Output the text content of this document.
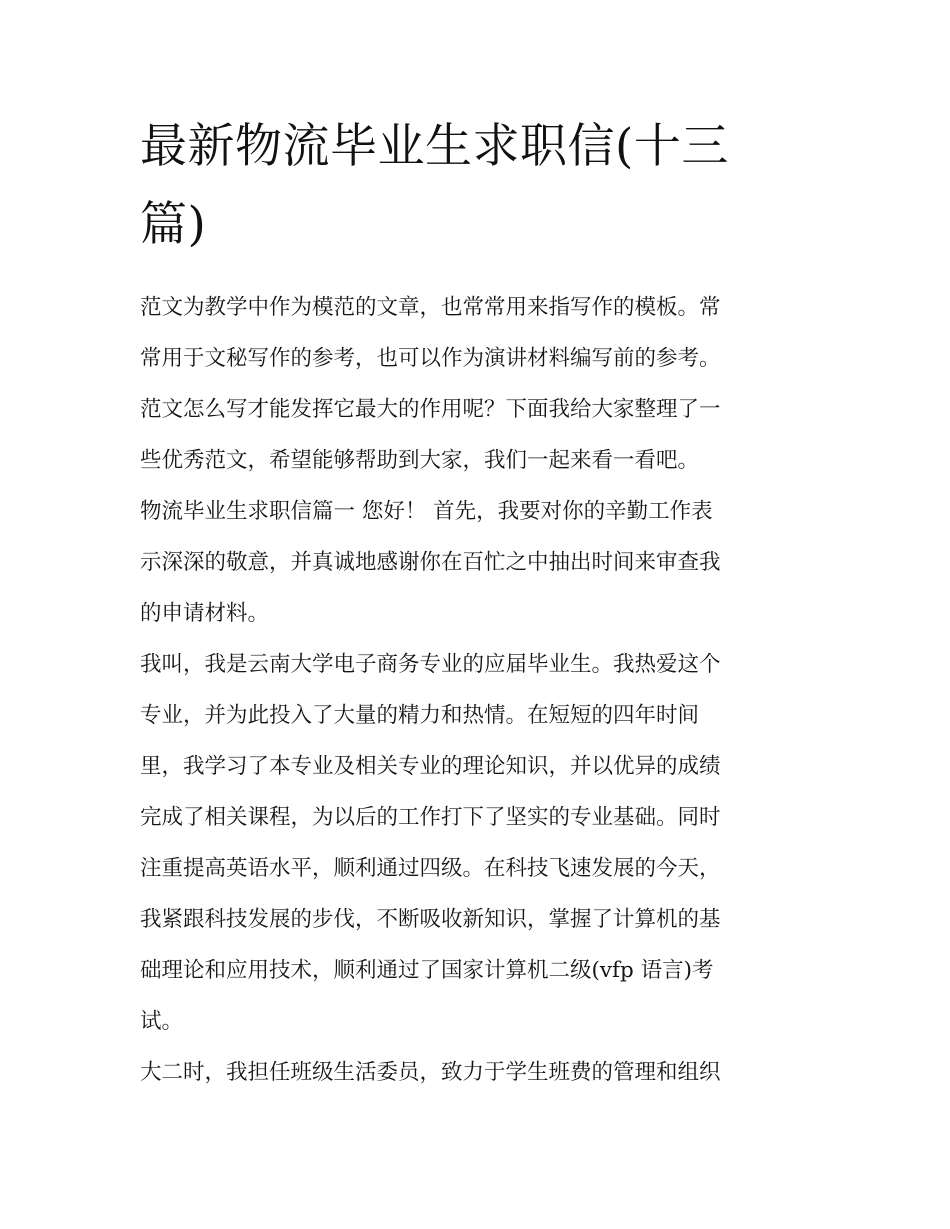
最新物流毕业生求职信(十三
篇)

范文为教学中作为模范的文章，也常常用来指写作的模板。常
常用于文秘写作的参考，也可以作为演讲材料编写前的参考。
范文怎么写才能发挥它最大的作用呢？下面我给大家整理了一
些优秀范文，希望能够帮助到大家，我们一起来看一看吧。

物流毕业生求职信篇一 您好！ 首先，我要对你的辛勤工作表
示深深的敬意，并真诚地感谢你在百忙之中抽出时间来审查我
的申请材料。

我叫，我是云南大学电子商务专业的应届毕业生。我热爱这个
专业，并为此投入了大量的精力和热情。在短短的四年时间
里，我学习了本专业及相关专业的理论知识，并以优异的成绩
完成了相关课程，为以后的工作打下了坚实的专业基础。同时
注重提高英语水平，顺利通过四级。在科技飞速发展的今天，
我紧跟科技发展的步伐，不断吸收新知识，掌握了计算机的基
础理论和应用技术，顺利通过了国家计算机二级(vfp 语言)考
试。

大二时，我担任班级生活委员，致力于学生班费的管理和组织
